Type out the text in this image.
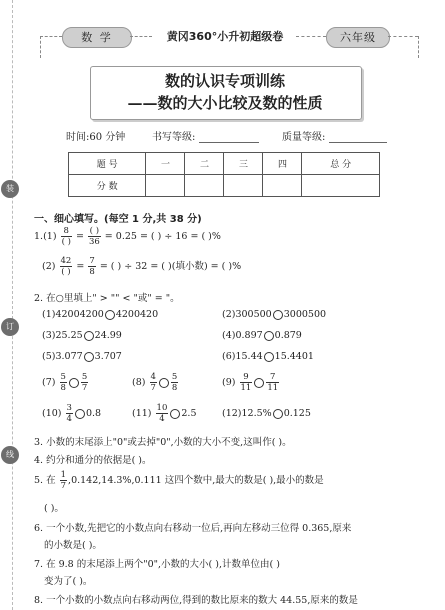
装
订
线
数 学	黄冈360°小升初超级卷	六年级
数的认识专项训练
——数的大小比较及数的性质
时间:60 分钟	书写等级:	质量等级:
题 号	一	二	三	四	总 分
分 数					
一、细心填写。(每空 1 分,共 38 分)
$1.(1) \frac{8}{( )} = \frac{( )}{36} = 0.25$ = ( ) ÷ 16 = ( )%
$(2) \frac{42}{( )} = \frac{7}{8}$ = ( ) ÷ 32 = ( )(填小数) = ( )%
2. 在○里填上" > "" < "或" = "。
(1)42004200 4200420	(2)300500 3000500
(3)25.25 24.99	(4)0.897 0.879
(5)3.077 3.707	(6)15.44 15.4401
$(7) \frac{5}{8} \frac{5}{7}$	$(8) \frac{4}{7} \frac{5}{8}$	$(9) \frac{9}{11} \frac{7}{11}$
$(10) \frac{3}{4} 0.8$	$(11) \frac{10}{4} 2.5$	(12)12.5% 0.125
3. 小数的末尾添上"0"或去掉"0",小数的大小不变,这叫作( )。
4. 约分和通分的依据是( )。
5. 在 $\frac{1}{7} ,0.142,14.3\%,0.111$ 这四个数中,最大的数是( ),最小的数是
( )。
6. 一个小数,先把它的小数点向右移动一位后,再向左移动三位得 0.365,原来
的小数是( )。
7. 在 9.8 的末尾添上两个"0",小数的大小( ),计数单位由( )
变为了( )。
8. 一个小数的小数点向右移动两位,得到的数比原来的数大 44.55,原来的数是
